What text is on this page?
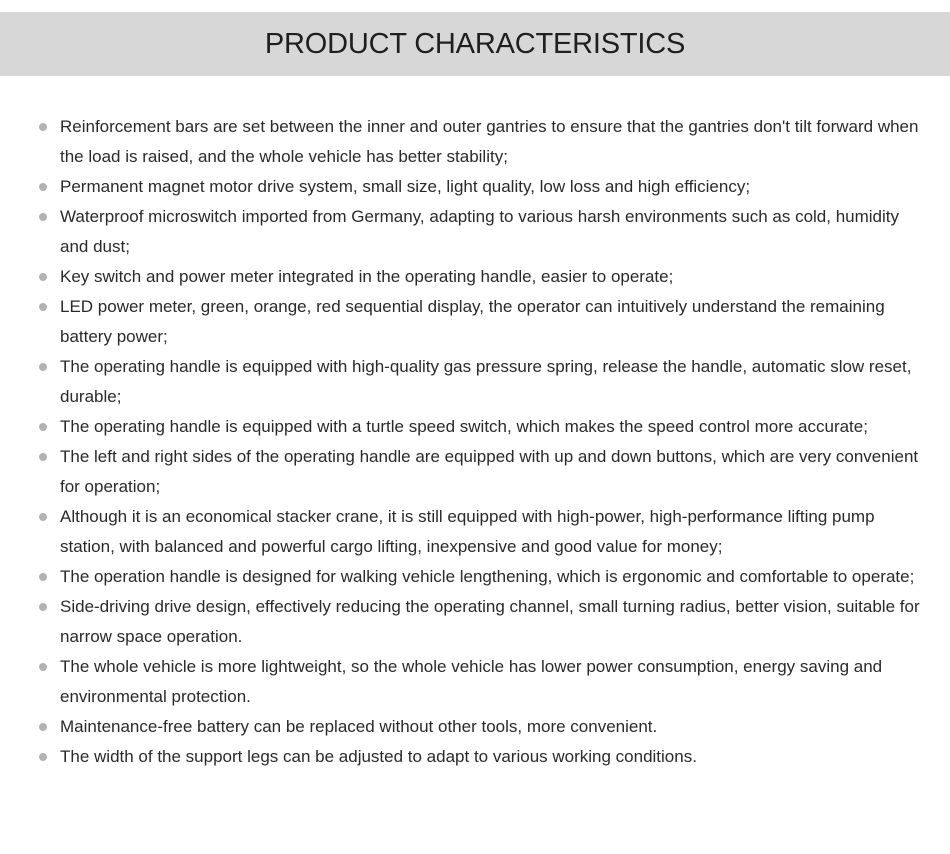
PRODUCT CHARACTERISTICS
Reinforcement bars are set between the inner and outer gantries to ensure that the gantries don't tilt forward when the load is raised, and the whole vehicle has better stability;
Permanent magnet motor drive system, small size, light quality, low loss and high efficiency;
Waterproof microswitch imported from Germany, adapting to various harsh environments such as cold, humidity and dust;
Key switch and power meter integrated in the operating handle, easier to operate;
LED power meter, green, orange, red sequential display, the operator can intuitively understand the remaining battery power;
The operating handle is equipped with high-quality gas pressure spring, release the handle, automatic slow reset, durable;
The operating handle is equipped with a turtle speed switch, which makes the speed control more accurate;
The left and right sides of the operating handle are equipped with up and down buttons, which are very convenient for operation;
Although it is an economical stacker crane, it is still equipped with high-power, high-performance lifting pump station, with balanced and powerful cargo lifting, inexpensive and good value for money;
The operation handle is designed for walking vehicle lengthening, which is ergonomic and comfortable to operate;
Side-driving drive design, effectively reducing the operating channel, small turning radius, better vision, suitable for narrow space operation.
The whole vehicle is more lightweight, so the whole vehicle has lower power consumption, energy saving and environmental protection.
Maintenance-free battery can be replaced without other tools, more convenient.
The width of the support legs can be adjusted to adapt to various working conditions.
